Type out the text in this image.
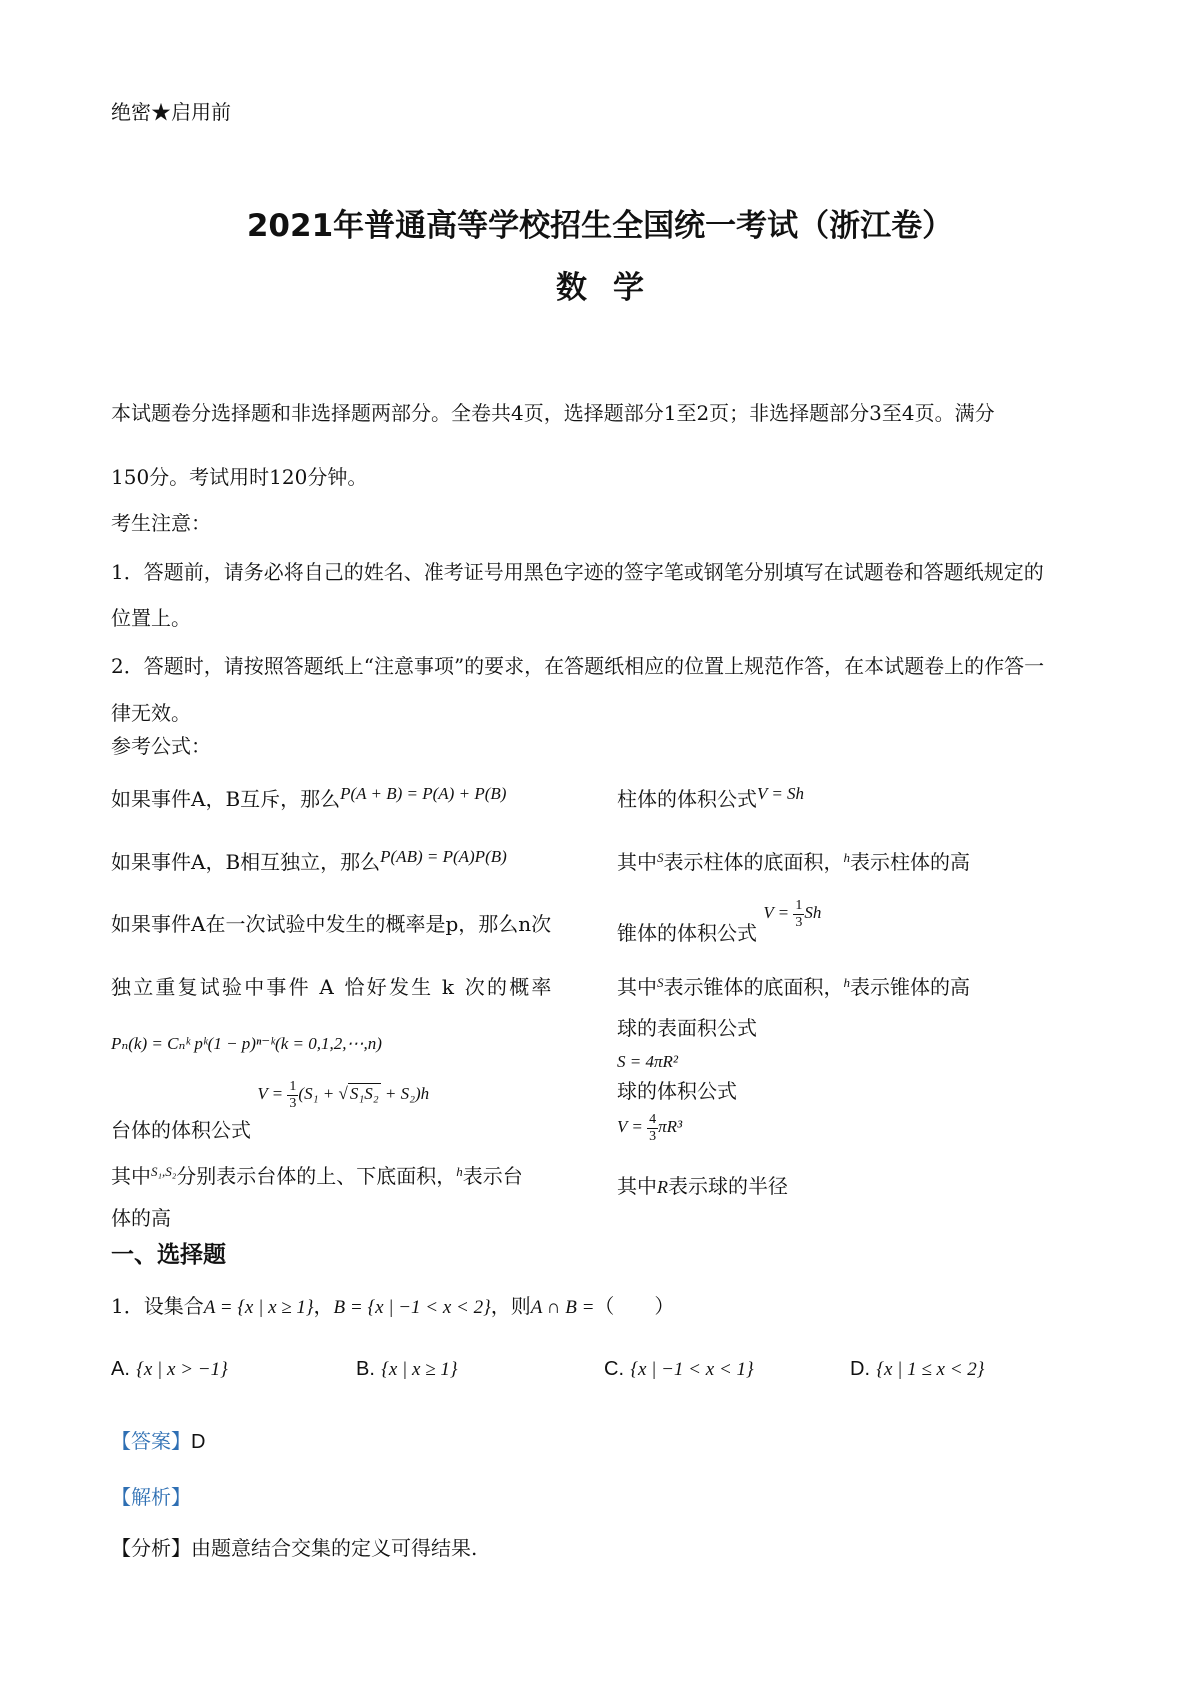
绝密★启用前
2021年普通高等学校招生全国统一考试（浙江卷）
数学
本试题卷分选择题和非选择题两部分。全卷共4页，选择题部分1至2页；非选择题部分3至4页。满分
150分。考试用时120分钟。
考生注意：
1．答题前，请务必将自己的姓名、准考证号用黑色字迹的签字笔或钢笔分别填写在试题卷和答题纸规定的
位置上。
2．答题时，请按照答题纸上“注意事项”的要求，在答题纸相应的位置上规范作答，在本试题卷上的作答一
律无效。
参考公式：
如果事件A，B互斥，那么$^{P(A + B) = P(A) + P(B)}$
如果事件A，B相互独立，那么$^{P(AB) = P(A)P(B)}$
如果事件A在一次试验中发生的概率是p，那么n次
独立重复试验中事件 A 恰好发生 k 次的概率
Pₙ(k) = Cₙᵏ pᵏ(1 − p)ⁿ⁻ᵏ(k = 0,1,2,⋯,n)
台体的体积公式 $V = \frac{1}{3} (S_1$ + √ S₁S₂ + S₂)h
其中$^{S_1,S_2}$分别表示台体的上、下底面积，$^h$表示台
体的高
柱体的体积公式$^{V = Sh}$
其中$^S$表示柱体的底面积，$^h$表示柱体的高
锥体的体积公式 $V = \frac{1}{3}$ Sh
其中$^S$表示锥体的底面积，$^h$表示锥体的高
球的表面积公式
S = 4πR²
球的体积公式
$V = \frac{4}{3} \pi R^3$
其中R表示球的半径
一、选择题
1．设集合A = {x | x ≥ 1}，B = {x | −1 < x < 2}，则A ∩ B =（　　）
A. {x | x > −1}	B. {x | x ≥ 1}	C. {x | −1 < x < 1}	D. {x | 1 ≤ x < 2}
【答案】D
【解析】
【分析】由题意结合交集的定义可得结果.
